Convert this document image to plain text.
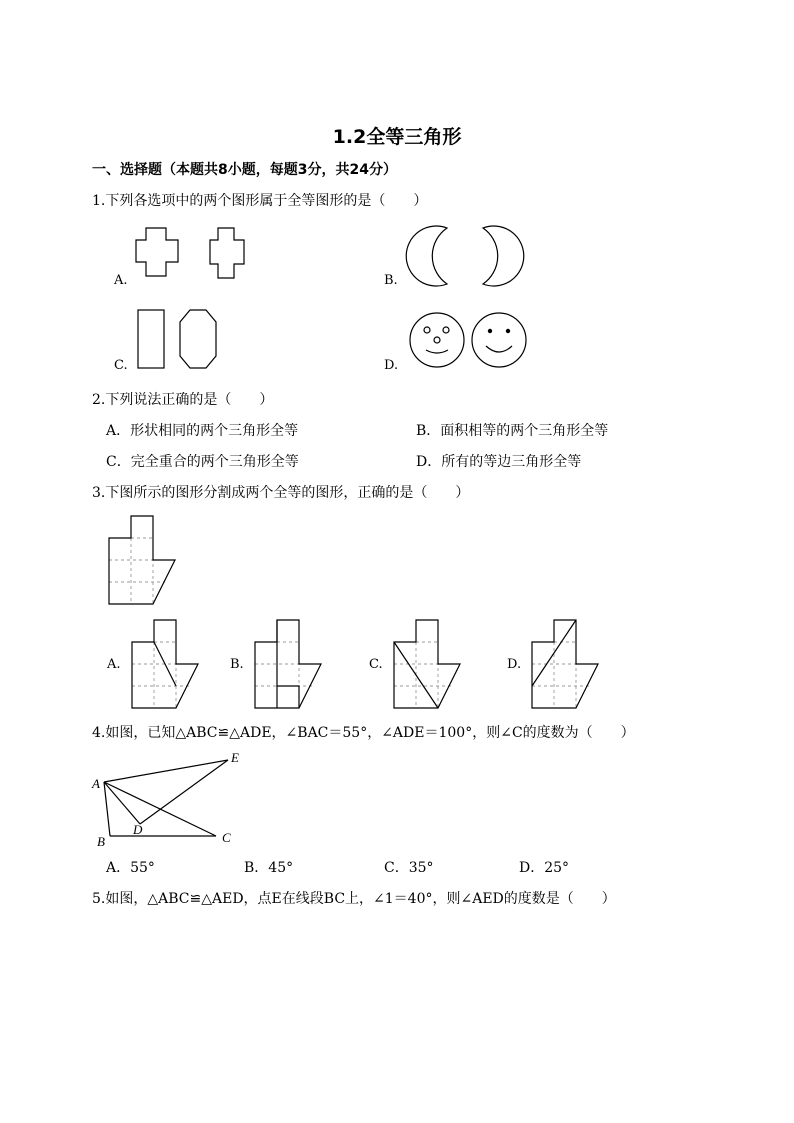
1.2全等三角形
一、选择题（本题共8小题，每题3分，共24分）
1.下列各选项中的两个图形属于全等图形的是（　　）
A.	B.
C.	D.
2.下列说法正确的是（　　）
A．形状相同的两个三角形全等	B．面积相等的两个三角形全等
C．完全重合的两个三角形全等	D．所有的等边三角形全等
3.下图所示的图形分割成两个全等的图形，正确的是（　　）
A.	B.	C.	D.
4.如图，已知△ABC≌△ADE，∠BAC＝55°，∠ADE＝100°，则∠C的度数为（　　）
A
B	C
D
E
A．55°	B．45°	C．35°	D．25°
5.如图，△ABC≌△AED，点E在线段BC上，∠1＝40°，则∠AED的度数是（　　）
